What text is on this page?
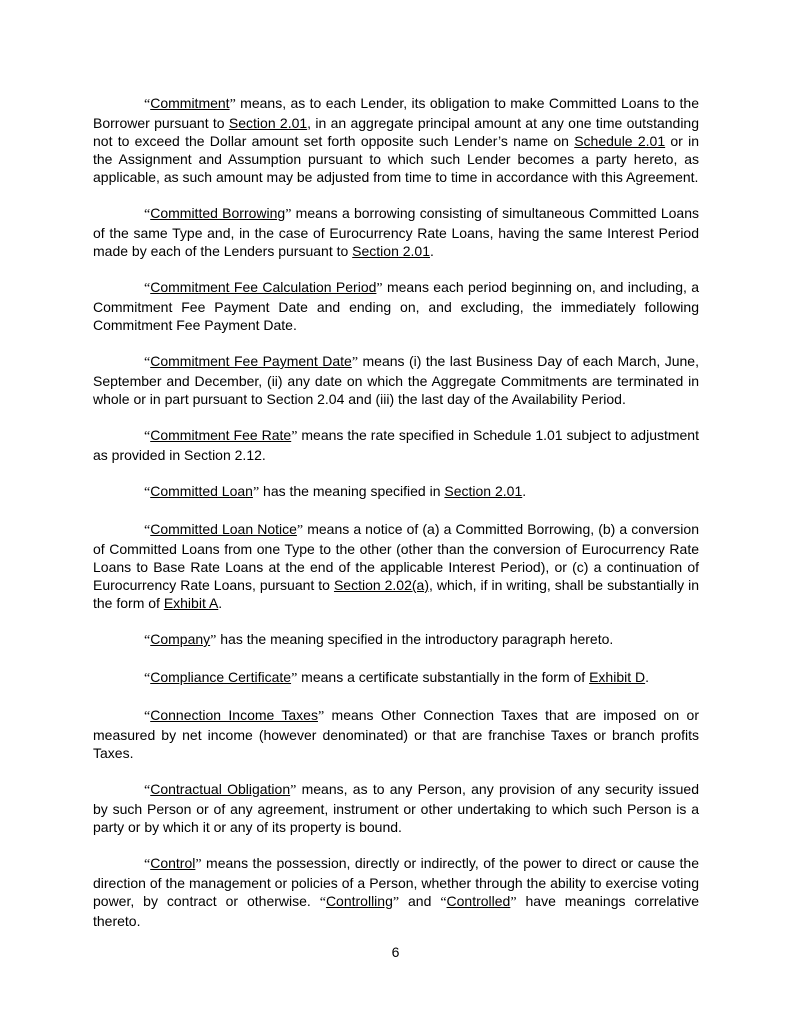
“Commitment” means, as to each Lender, its obligation to make Committed Loans to the Borrower pursuant to Section 2.01, in an aggregate principal amount at any one time outstanding not to exceed the Dollar amount set forth opposite such Lender’s name on Schedule 2.01 or in the Assignment and Assumption pursuant to which such Lender becomes a party hereto, as applicable, as such amount may be adjusted from time to time in accordance with this Agreement.

“Committed Borrowing” means a borrowing consisting of simultaneous Committed Loans of the same Type and, in the case of Eurocurrency Rate Loans, having the same Interest Period made by each of the Lenders pursuant to Section 2.01.

“Commitment Fee Calculation Period” means each period beginning on, and including, a Commitment Fee Payment Date and ending on, and excluding, the immediately following Commitment Fee Payment Date.

“Commitment Fee Payment Date” means (i) the last Business Day of each March, June, September and December, (ii) any date on which the Aggregate Commitments are terminated in whole or in part pursuant to Section 2.04 and (iii) the last day of the Availability Period.

“Commitment Fee Rate” means the rate specified in Schedule 1.01 subject to adjustment as provided in Section 2.12.

“Committed Loan” has the meaning specified in Section 2.01.

“Committed Loan Notice” means a notice of (a) a Committed Borrowing, (b) a conversion of Committed Loans from one Type to the other (other than the conversion of Eurocurrency Rate Loans to Base Rate Loans at the end of the applicable Interest Period), or (c) a continuation of Eurocurrency Rate Loans, pursuant to Section 2.02(a), which, if in writing, shall be substantially in the form of Exhibit A.

“Company” has the meaning specified in the introductory paragraph hereto.

“Compliance Certificate” means a certificate substantially in the form of Exhibit D.

“Connection Income Taxes” means Other Connection Taxes that are imposed on or measured by net income (however denominated) or that are franchise Taxes or branch profits Taxes.

“Contractual Obligation” means, as to any Person, any provision of any security issued by such Person or of any agreement, instrument or other undertaking to which such Person is a party or by which it or any of its property is bound.

“Control” means the possession, directly or indirectly, of the power to direct or cause the direction of the management or policies of a Person, whether through the ability to exercise voting power, by contract or otherwise. “Controlling” and “Controlled” have meanings correlative thereto.

6
